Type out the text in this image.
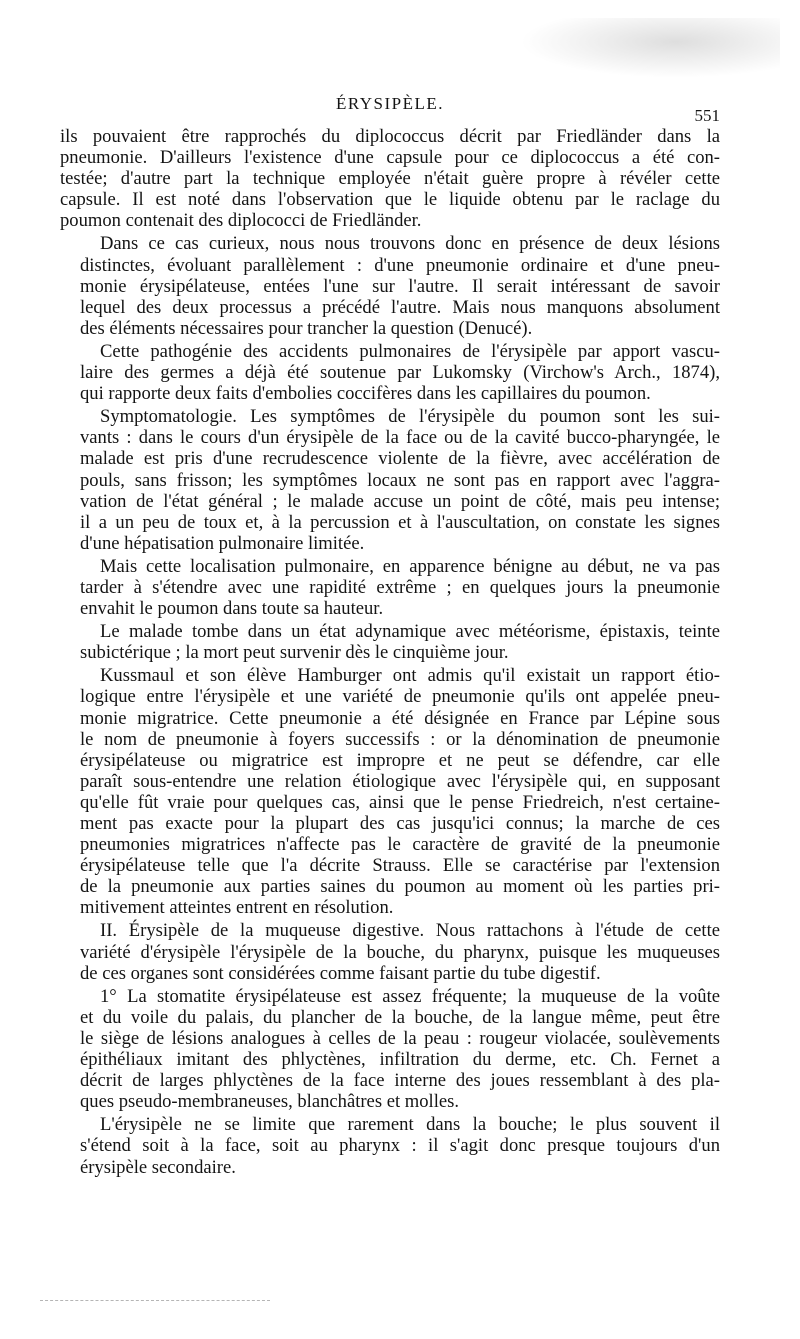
ÉRYSIPÈLE.
551
ils pouvaient être rapprochés du diplococcus décrit par Friedländer dans la
pneumonie. D'ailleurs l'existence d'une capsule pour ce diplococcus a été con-
testée; d'autre part la technique employée n'était guère propre à révéler cette
capsule. Il est noté dans l'observation que le liquide obtenu par le raclage du
poumon contenait des diplococci de Friedländer.
Dans ce cas curieux, nous nous trouvons donc en présence de deux lésions
distinctes, évoluant parallèlement : d'une pneumonie ordinaire et d'une pneu-
monie érysipélateuse, entées l'une sur l'autre. Il serait intéressant de savoir
lequel des deux processus a précédé l'autre. Mais nous manquons absolument
des éléments nécessaires pour trancher la question (Denucé).
Cette pathogénie des accidents pulmonaires de l'érysipèle par apport vascu-
laire des germes a déjà été soutenue par Lukomsky (Virchow's Arch., 1874),
qui rapporte deux faits d'embolies coccifères dans les capillaires du poumon.
Symptomatologie. Les symptômes de l'érysipèle du poumon sont les sui-
vants : dans le cours d'un érysipèle de la face ou de la cavité bucco-pharyngée, le
malade est pris d'une recrudescence violente de la fièvre, avec accélération de
pouls, sans frisson; les symptômes locaux ne sont pas en rapport avec l'aggra-
vation de l'état général ; le malade accuse un point de côté, mais peu intense;
il a un peu de toux et, à la percussion et à l'auscultation, on constate les signes
d'une hépatisation pulmonaire limitée.
Mais cette localisation pulmonaire, en apparence bénigne au début, ne va pas
tarder à s'étendre avec une rapidité extrême ; en quelques jours la pneumonie
envahit le poumon dans toute sa hauteur.
Le malade tombe dans un état adynamique avec météorisme, épistaxis, teinte
subictérique ; la mort peut survenir dès le cinquième jour.
Kussmaul et son élève Hamburger ont admis qu'il existait un rapport étio-
logique entre l'érysipèle et une variété de pneumonie qu'ils ont appelée pneu-
monie migratrice. Cette pneumonie a été désignée en France par Lépine sous
le nom de pneumonie à foyers successifs : or la dénomination de pneumonie
érysipélateuse ou migratrice est impropre et ne peut se défendre, car elle
paraît sous-entendre une relation étiologique avec l'érysipèle qui, en supposant
qu'elle fût vraie pour quelques cas, ainsi que le pense Friedreich, n'est certaine-
ment pas exacte pour la plupart des cas jusqu'ici connus; la marche de ces
pneumonies migratrices n'affecte pas le caractère de gravité de la pneumonie
érysipélateuse telle que l'a décrite Strauss. Elle se caractérise par l'extension
de la pneumonie aux parties saines du poumon au moment où les parties pri-
mitivement atteintes entrent en résolution.
II. Érysipèle de la muqueuse digestive. Nous rattachons à l'étude de cette
variété d'érysipèle l'érysipèle de la bouche, du pharynx, puisque les muqueuses
de ces organes sont considérées comme faisant partie du tube digestif.
1° La stomatite érysipélateuse est assez fréquente; la muqueuse de la voûte
et du voile du palais, du plancher de la bouche, de la langue même, peut être
le siège de lésions analogues à celles de la peau : rougeur violacée, soulèvements
épithéliaux imitant des phlyctènes, infiltration du derme, etc. Ch. Fernet a
décrit de larges phlyctènes de la face interne des joues ressemblant à des pla-
ques pseudo-membraneuses, blanchâtres et molles.
L'érysipèle ne se limite que rarement dans la bouche; le plus souvent il
s'étend soit à la face, soit au pharynx : il s'agit donc presque toujours d'un
érysipèle secondaire.
